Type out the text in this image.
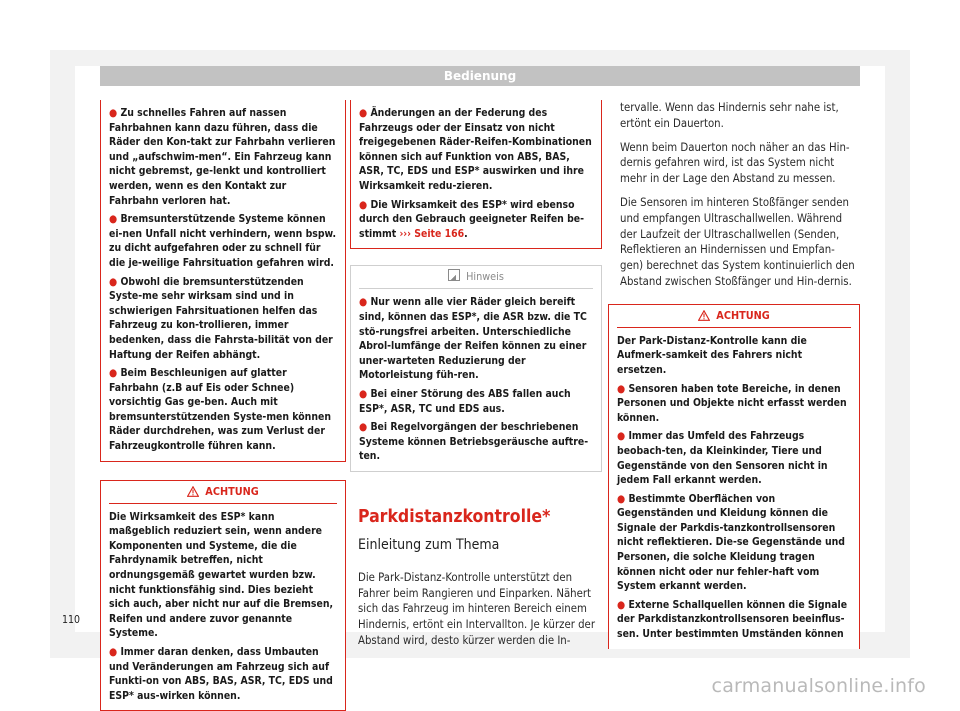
Bedienung

● Zu schnelles Fahren auf nassen Fahrbahnen kann dazu führen, dass die Räder den Kon-takt zur Fahrbahn verlieren und „aufschwim-men“. Ein Fahrzeug kann nicht gebremst, ge-lenkt und kontrolliert werden, wenn es den Kontakt zur Fahrbahn verloren hat.

● Bremsunterstützende Systeme können ei-nen Unfall nicht verhindern, wenn bspw. zu dicht aufgefahren oder zu schnell für die je-weilige Fahrsituation gefahren wird.

● Obwohl die bremsunterstützenden Syste-me sehr wirksam sind und in schwierigen Fahrsituationen helfen das Fahrzeug zu kon-trollieren, immer bedenken, dass die Fahrsta-bilität von der Haftung der Reifen abhängt.

● Beim Beschleunigen auf glatter Fahrbahn (z.B auf Eis oder Schnee) vorsichtig Gas ge-ben. Auch mit bremsunterstützenden Syste-men können Räder durchdrehen, was zum Verlust der Fahrzeugkontrolle führen kann.

ACHTUNG

Die Wirksamkeit des ESP* kann maßgeblich reduziert sein, wenn andere Komponenten und Systeme, die die Fahrdynamik betreffen, nicht ordnungsgemäß gewartet wurden bzw. nicht funktionsfähig sind. Dies bezieht sich auch, aber nicht nur auf die Bremsen, Reifen und andere zuvor genannte Systeme.

● Immer daran denken, dass Umbauten und Veränderungen am Fahrzeug sich auf Funkti-on von ABS, BAS, ASR, TC, EDS und ESP* aus-wirken können.

● Änderungen an der Federung des Fahrzeugs oder der Einsatz von nicht freigegebenen Räder-Reifen-Kombinationen können sich auf Funktion von ABS, BAS, ASR, TC, EDS und ESP* auswirken und ihre Wirksamkeit redu-zieren.

● Die Wirksamkeit des ESP* wird ebenso durch den Gebrauch geeigneter Reifen be-stimmt ››› Seite 166.

Hinweis

● Nur wenn alle vier Räder gleich bereift sind, können das ESP*, die ASR bzw. die TC stö-rungsfrei arbeiten. Unterschiedliche Abrol-lumfänge der Reifen können zu einer uner-warteten Reduzierung der Motorleistung füh-ren.

● Bei einer Störung des ABS fallen auch ESP*, ASR, TC und EDS aus.

● Bei Regelvorgängen der beschriebenen Systeme können Betriebsgeräusche auftre-ten.

Parkdistanzkontrolle*
Einleitung zum Thema

Die Park-Distanz-Kontrolle unterstützt den Fahrer beim Rangieren und Einparken. Nähert sich das Fahrzeug im hinteren Bereich einem Hindernis, ertönt ein Intervallton. Je kürzer der Abstand wird, desto kürzer werden die In-

tervalle. Wenn das Hindernis sehr nahe ist, ertönt ein Dauerton.

Wenn beim Dauerton noch näher an das Hin-dernis gefahren wird, ist das System nicht mehr in der Lage den Abstand zu messen.

Die Sensoren im hinteren Stoßfänger senden und empfangen Ultraschallwellen. Während der Laufzeit der Ultraschallwellen (Senden, Reflektieren an Hindernissen und Empfan-gen) berechnet das System kontinuierlich den Abstand zwischen Stoßfänger und Hin-dernis.

ACHTUNG

Der Park-Distanz-Kontrolle kann die Aufmerk-samkeit des Fahrers nicht ersetzen.

● Sensoren haben tote Bereiche, in denen Personen und Objekte nicht erfasst werden können.

● Immer das Umfeld des Fahrzeugs beobach-ten, da Kleinkinder, Tiere und Gegenstände von den Sensoren nicht in jedem Fall erkannt werden.

● Bestimmte Oberflächen von Gegenständen und Kleidung können die Signale der Parkdis-tanzkontrollsensoren nicht reflektieren. Die-se Gegenstände und Personen, die solche Kleidung tragen können nicht oder nur fehler-haft vom System erkannt werden.

● Externe Schallquellen können die Signale der Parkdistanzkontrollsensoren beeinflus-sen. Unter bestimmten Umständen können

110
carmanualsonline.info
